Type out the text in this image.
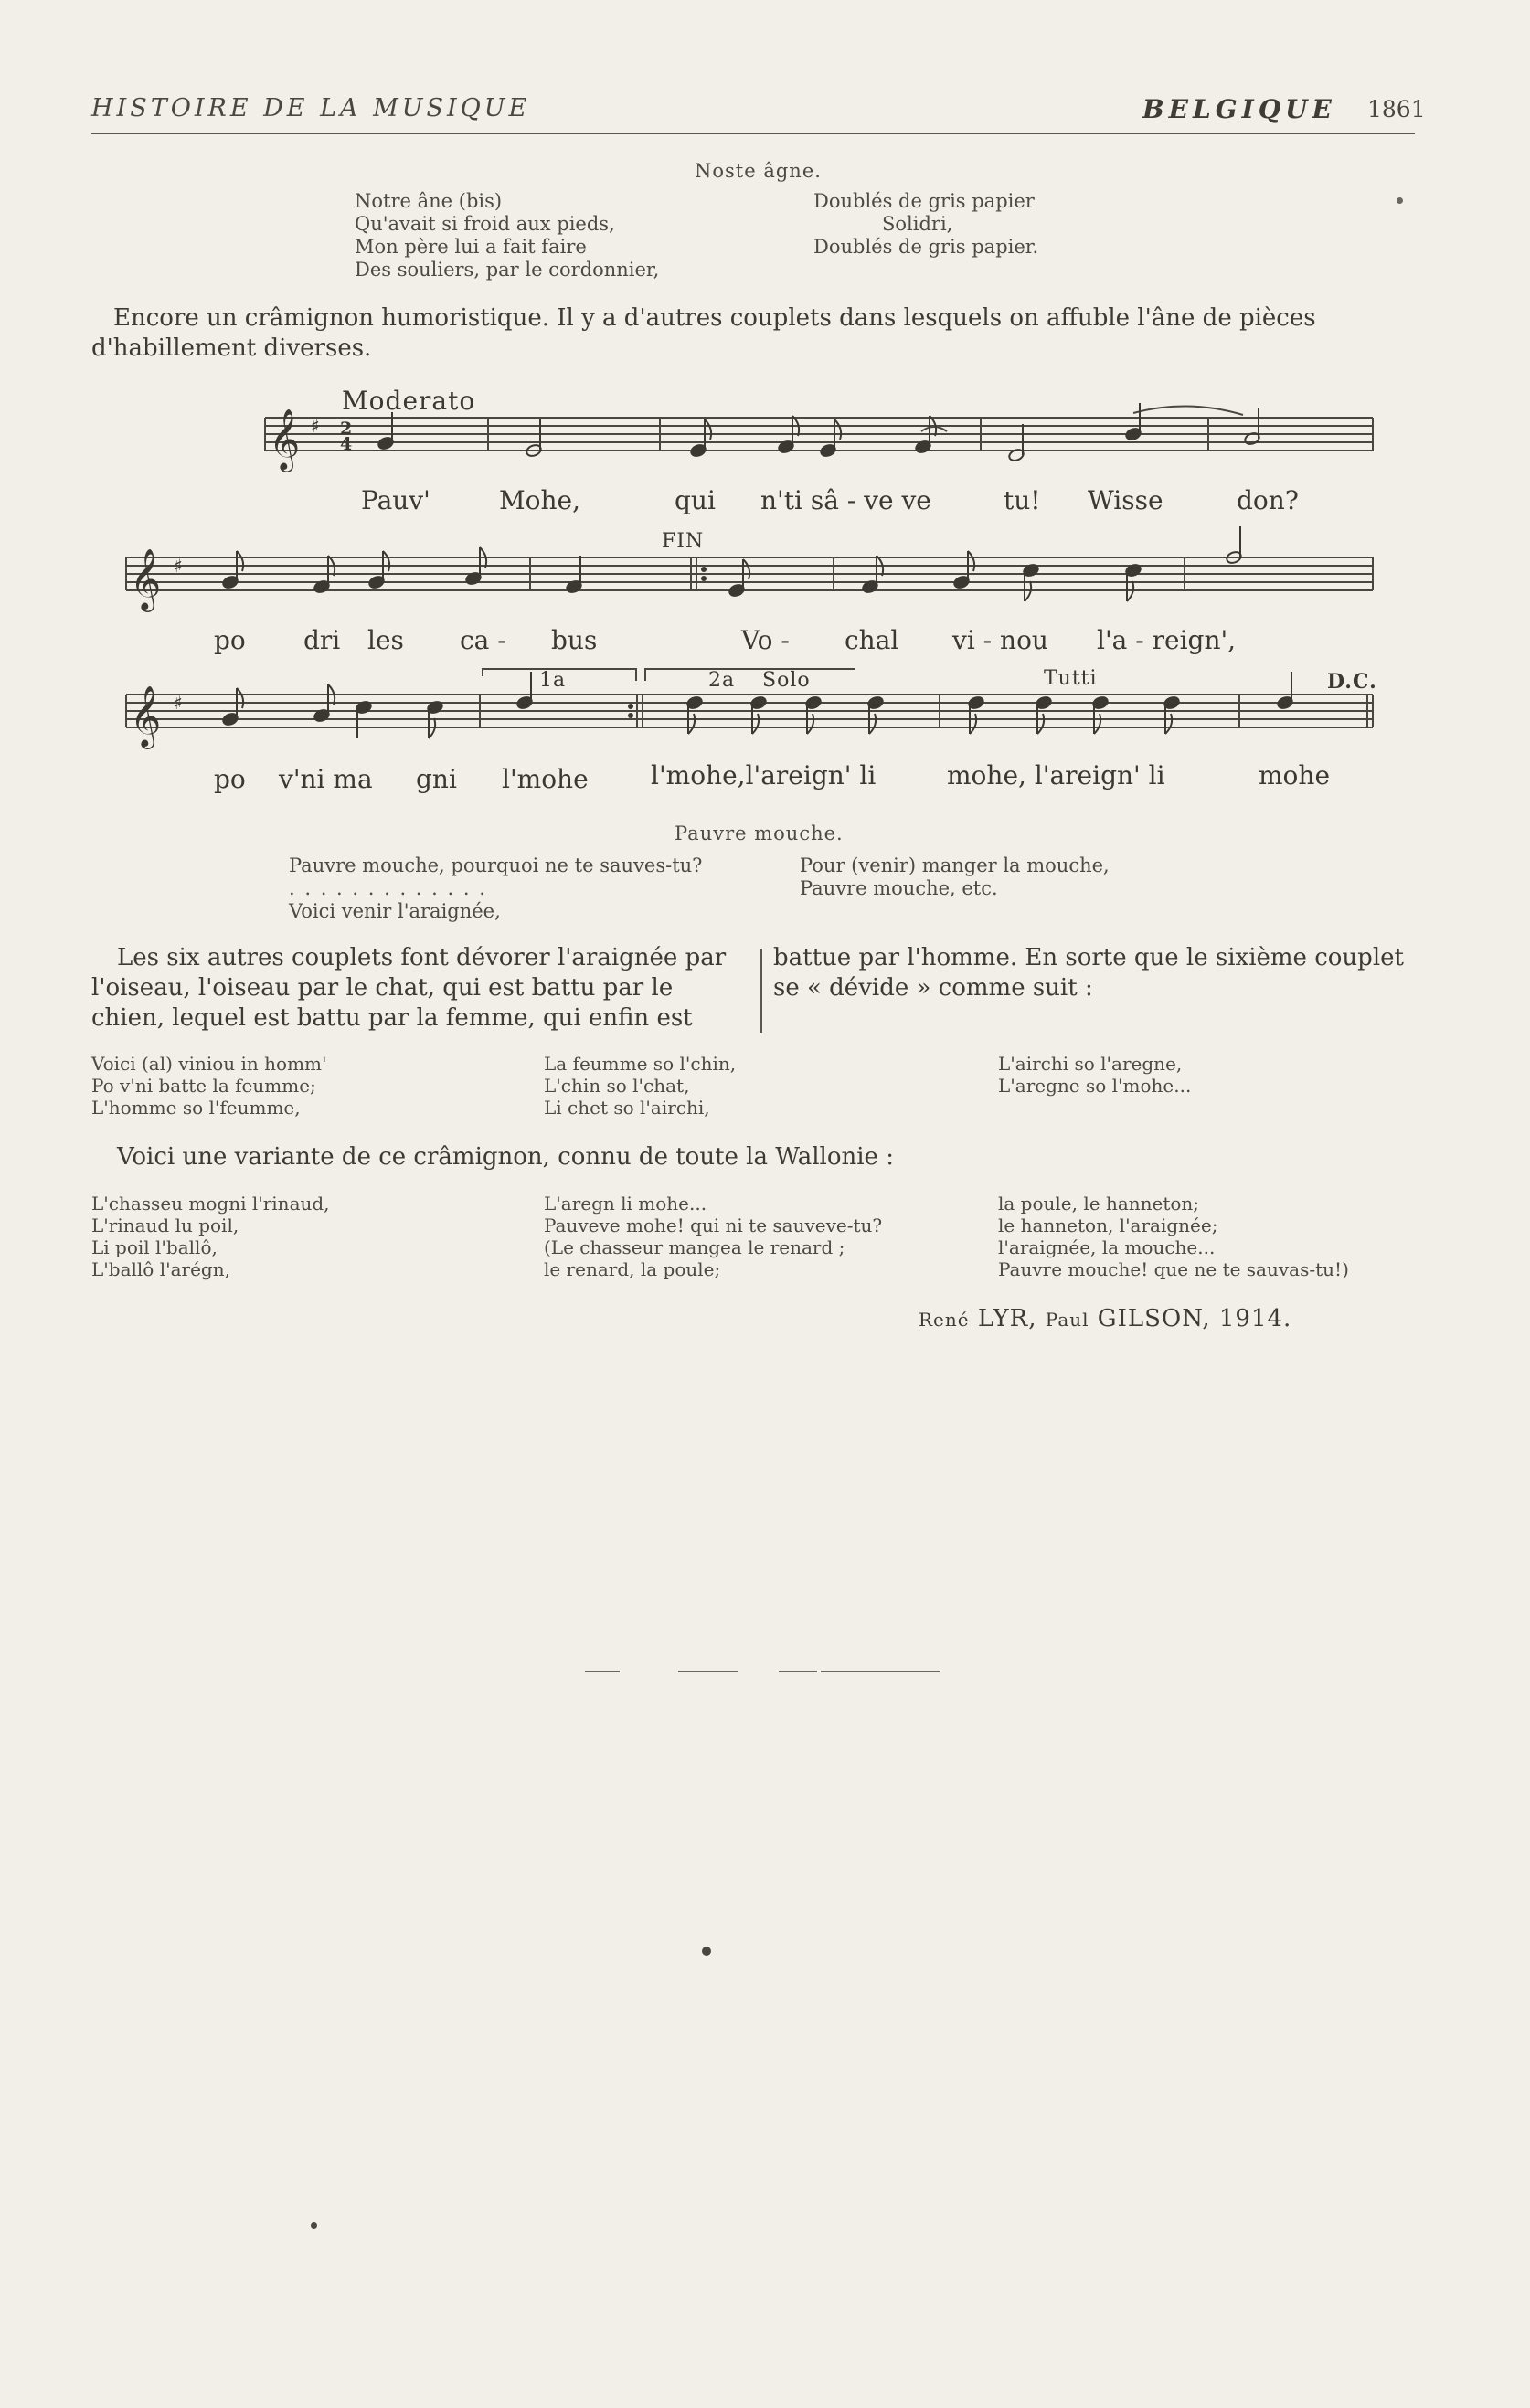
HISTOIRE DE LA MUSIQUE	BELGIQUE 1861
Noste âgne.
Notre âne (bis)
Qu'avait si froid aux pieds,
Mon père lui a fait faire
Des souliers, par le cordonnier,
Doublés de gris papier
Solidri,
Doublés de gris papier.
Encore un crâmignon humoristique. Il y a d'autres couplets dans lesquels on affuble l'âne de pièces
d'habillement diverses.
𝄞 ♯ 2
4
𝄞 ♯
𝄞 ♯
Moderato
FIN
1a	2a Solo	Tutti	D.C.
Pauv'	Mohe,	qui n'ti sâ - ve ve	tu! Wisse	don?
po dri les ca - bus	Vo - chal vi - nou l'a - reign',
po v'ni ma gni l'mohe l'mohe,l'areign' li	mohe, l'areign' li	mohe
Pauvre mouche.
Pauvre mouche, pourquoi ne te sauves-tu?
. . . . . . . . . . . . .
Voici venir l'araignée,
Pour (venir) manger la mouche,
Pauvre mouche, etc.
Les six autres couplets font dévorer l'araignée par
l'oiseau, l'oiseau par le chat, qui est battu par le
chien, lequel est battu par la femme, qui enfin est
battue par l'homme. En sorte que le sixième couplet
se « dévide » comme suit :
Voici (al) viniou in homm'
Po v'ni batte la feumme;
L'homme so l'feumme,
La feumme so l'chin,
L'chin so l'chat,
Li chet so l'airchi,
L'airchi so l'aregne,
L'aregne so l'mohe...
Voici une variante de ce crâmignon, connu de toute la Wallonie :
L'chasseu mogni l'rinaud,
L'rinaud lu poil,
Li poil l'ballô,
L'ballô l'arégn,
L'aregn li mohe...
Pauveve mohe! qui ni te sauveve-tu?
(Le chasseur mangea le renard ;
le renard, la poule;
la poule, le hanneton;
le hanneton, l'araignée;
l'araignée, la mouche...
Pauvre mouche! que ne te sauvas-tu!)
René LYR, Paul GILSON, 1914.
